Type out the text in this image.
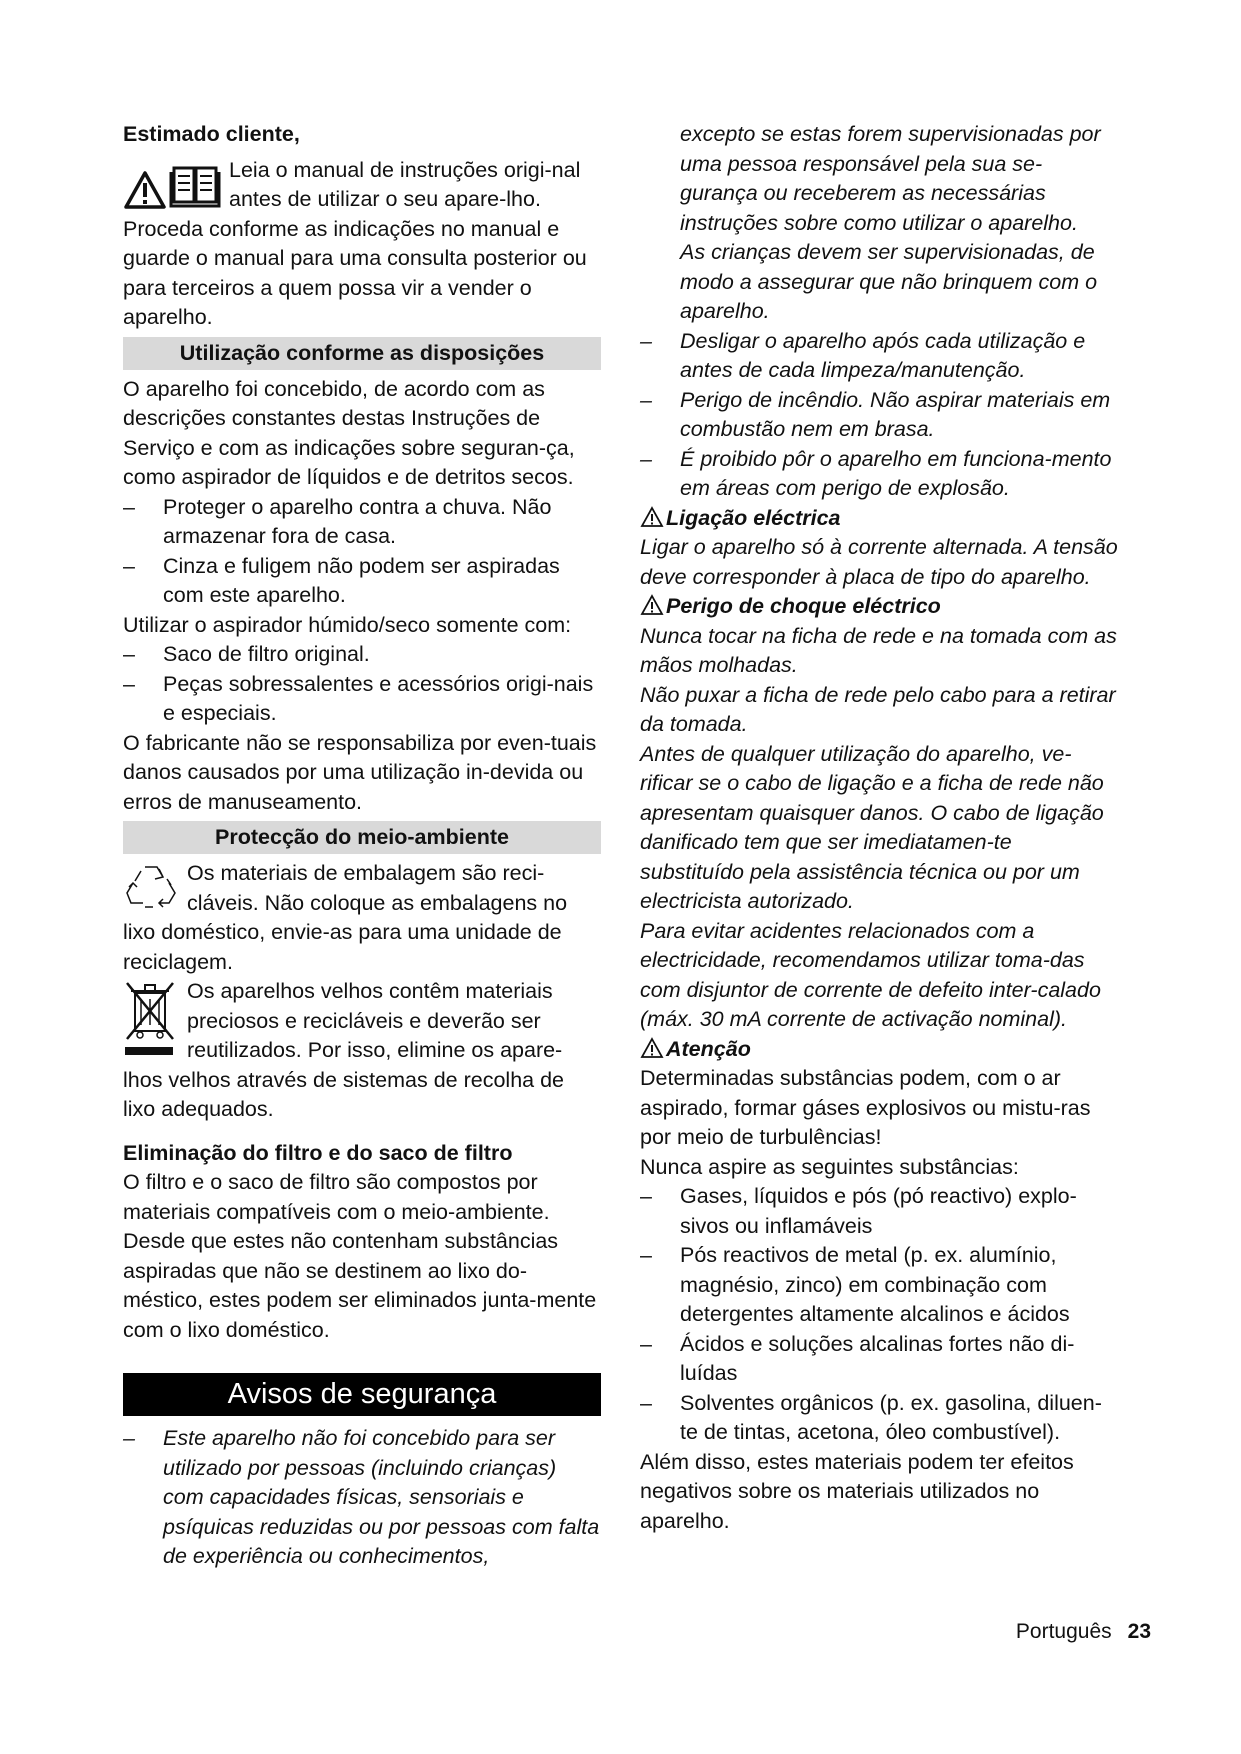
Estimado cliente,

Leia o manual de instruções origi-nal antes de utilizar o seu apare-lho. Proceda conforme as indicações no manual e guarde o manual para uma consulta posterior ou para terceiros a quem possa vir a vender o aparelho.

Utilização conforme as disposições

O aparelho foi concebido, de acordo com as descrições constantes destas Instruções de Serviço e com as indicações sobre seguran-ça, como aspirador de líquidos e de detritos secos.

– Proteger o aparelho contra a chuva. Não armazenar fora de casa.
– Cinza e fuligem não podem ser aspiradas com este aparelho.

Utilizar o aspirador húmido/seco somente com:

– Saco de filtro original.
– Peças sobressalentes e acessórios origi-nais e especiais.

O fabricante não se responsabiliza por even-tuais danos causados por uma utilização in-devida ou erros de manuseamento.

Protecção do meio-ambiente

Os materiais de embalagem são reci-cláveis. Não coloque as embalagens no lixo doméstico, envie-as para uma unidade de reciclagem.

Os aparelhos velhos contêm materiais preciosos e recicláveis e deverão ser reutilizados. Por isso, elimine os apare-lhos velhos através de sistemas de recolha de lixo adequados.

Eliminação do filtro e do saco de filtro

O filtro e o saco de filtro são compostos por materiais compatíveis com o meio-ambiente. Desde que estes não contenham substâncias aspiradas que não se destinem ao lixo do-méstico, estes podem ser eliminados junta-mente com o lixo doméstico.

Avisos de segurança
– Este aparelho não foi concebido para ser utilizado por pessoas (incluindo crianças) com capacidades físicas, sensoriais e psíquicas reduzidas ou por pessoas com falta de experiência ou conhecimentos,

excepto se estas forem supervisionadas por uma pessoa responsável pela sua se-gurança ou receberem as necessárias instruções sobre como utilizar o aparelho.

As crianças devem ser supervisionadas, de modo a assegurar que não brinquem com o aparelho.

– Desligar o aparelho após cada utilização e antes de cada limpeza/manutenção.
– Perigo de incêndio. Não aspirar materiais em combustão nem em brasa.
– É proibido pôr o aparelho em funciona-mento em áreas com perigo de explosão.

Ligação eléctrica

Ligar o aparelho só à corrente alternada. A tensão deve corresponder à placa de tipo do aparelho.

Perigo de choque eléctrico

Nunca tocar na ficha de rede e na tomada com as mãos molhadas.

Não puxar a ficha de rede pelo cabo para a retirar da tomada.

Antes de qualquer utilização do aparelho, ve-rificar se o cabo de ligação e a ficha de rede não apresentam quaisquer danos. O cabo de ligação danificado tem que ser imediatamen-te substituído pela assistência técnica ou por um electricista autorizado.

Para evitar acidentes relacionados com a electricidade, recomendamos utilizar toma-das com disjuntor de corrente de defeito inter-calado (máx. 30 mA corrente de activação nominal).

Atenção

Determinadas substâncias podem, com o ar aspirado, formar gáses explosivos ou mistu-ras por meio de turbulências!

Nunca aspire as seguintes substâncias:

– Gases, líquidos e pós (pó reactivo) explo-sivos ou inflamáveis
– Pós reactivos de metal (p. ex. alumínio, magnésio, zinco) em combinação com detergentes altamente alcalinos e ácidos
– Ácidos e soluções alcalinas fortes não di-luídas
– Solventes orgânicos (p. ex. gasolina, diluen-te de tintas, acetona, óleo combustível).

Além disso, estes materiais podem ter efeitos negativos sobre os materiais utilizados no aparelho.

Português 23
